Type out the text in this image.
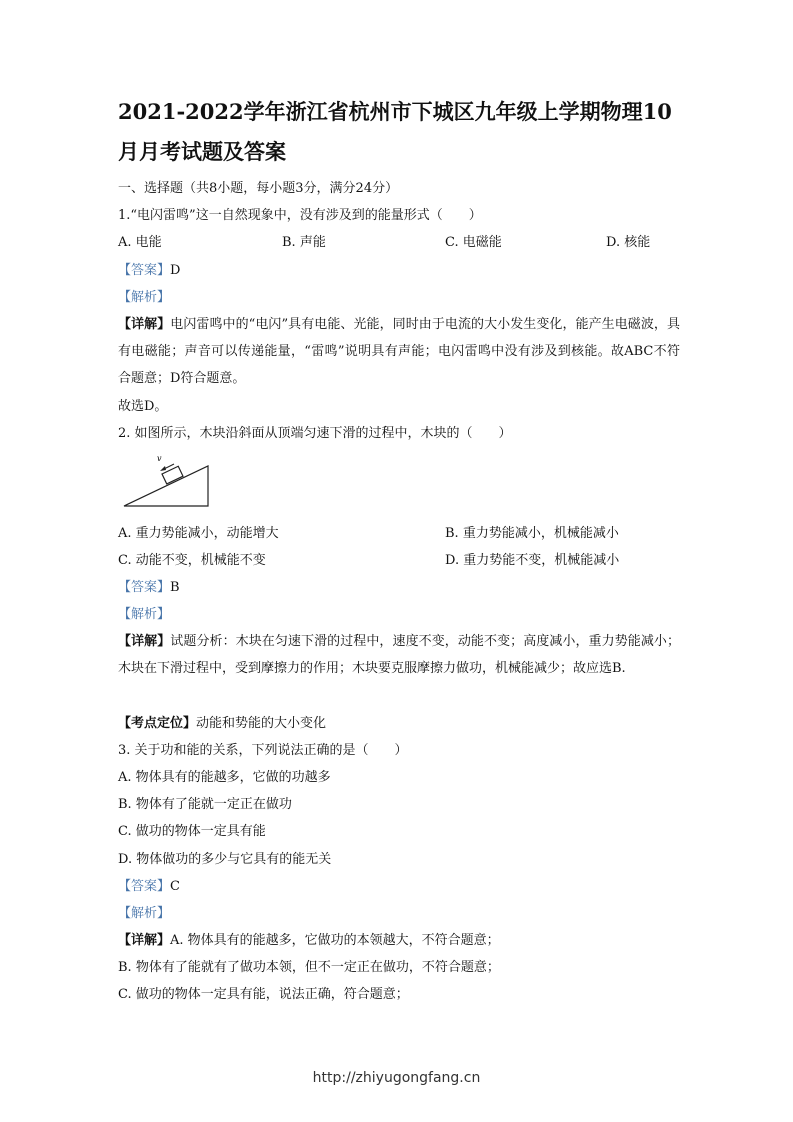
2021-2022学年浙江省杭州市下城区九年级上学期物理10
月月考试题及答案
一、选择题（共8小题，每小题3分，满分24分）
1.“电闪雷鸣”这一自然现象中，没有涉及到的能量形式（　　）
A. 电能	B. 声能	C. 电磁能	D. 核能
【答案】D
【解析】
【详解】电闪雷鸣中的“电闪”具有电能、光能，同时由于电流的大小发生变化，能产生电磁波，具有电磁能；声音可以传递能量，“雷鸣”说明具有声能；电闪雷鸣中没有涉及到核能。故ABC不符合题意；D符合题意。
故选D。
2. 如图所示，木块沿斜面从顶端匀速下滑的过程中，木块的（　　）
v
A. 重力势能减小，动能增大	B. 重力势能减小，机械能减小
C. 动能不变，机械能不变	D. 重力势能不变，机械能减小
【答案】B
【解析】
【详解】试题分析：木块在匀速下滑的过程中，速度不变，动能不变；高度减小，重力势能减小；木块在下滑过程中，受到摩擦力的作用；木块要克服摩擦力做功，机械能减少；故应选B.
【考点定位】动能和势能的大小变化
3. 关于功和能的关系，下列说法正确的是（　　）
A. 物体具有的能越多，它做的功越多
B. 物体有了能就一定正在做功
C. 做功的物体一定具有能
D. 物体做功的多少与它具有的能无关
【答案】C
【解析】
【详解】A. 物体具有的能越多，它做功的本领越大，不符合题意；
B. 物体有了能就有了做功本领，但不一定正在做功，不符合题意；
C. 做功的物体一定具有能，说法正确，符合题意；
http://zhiyugongfang.cn
